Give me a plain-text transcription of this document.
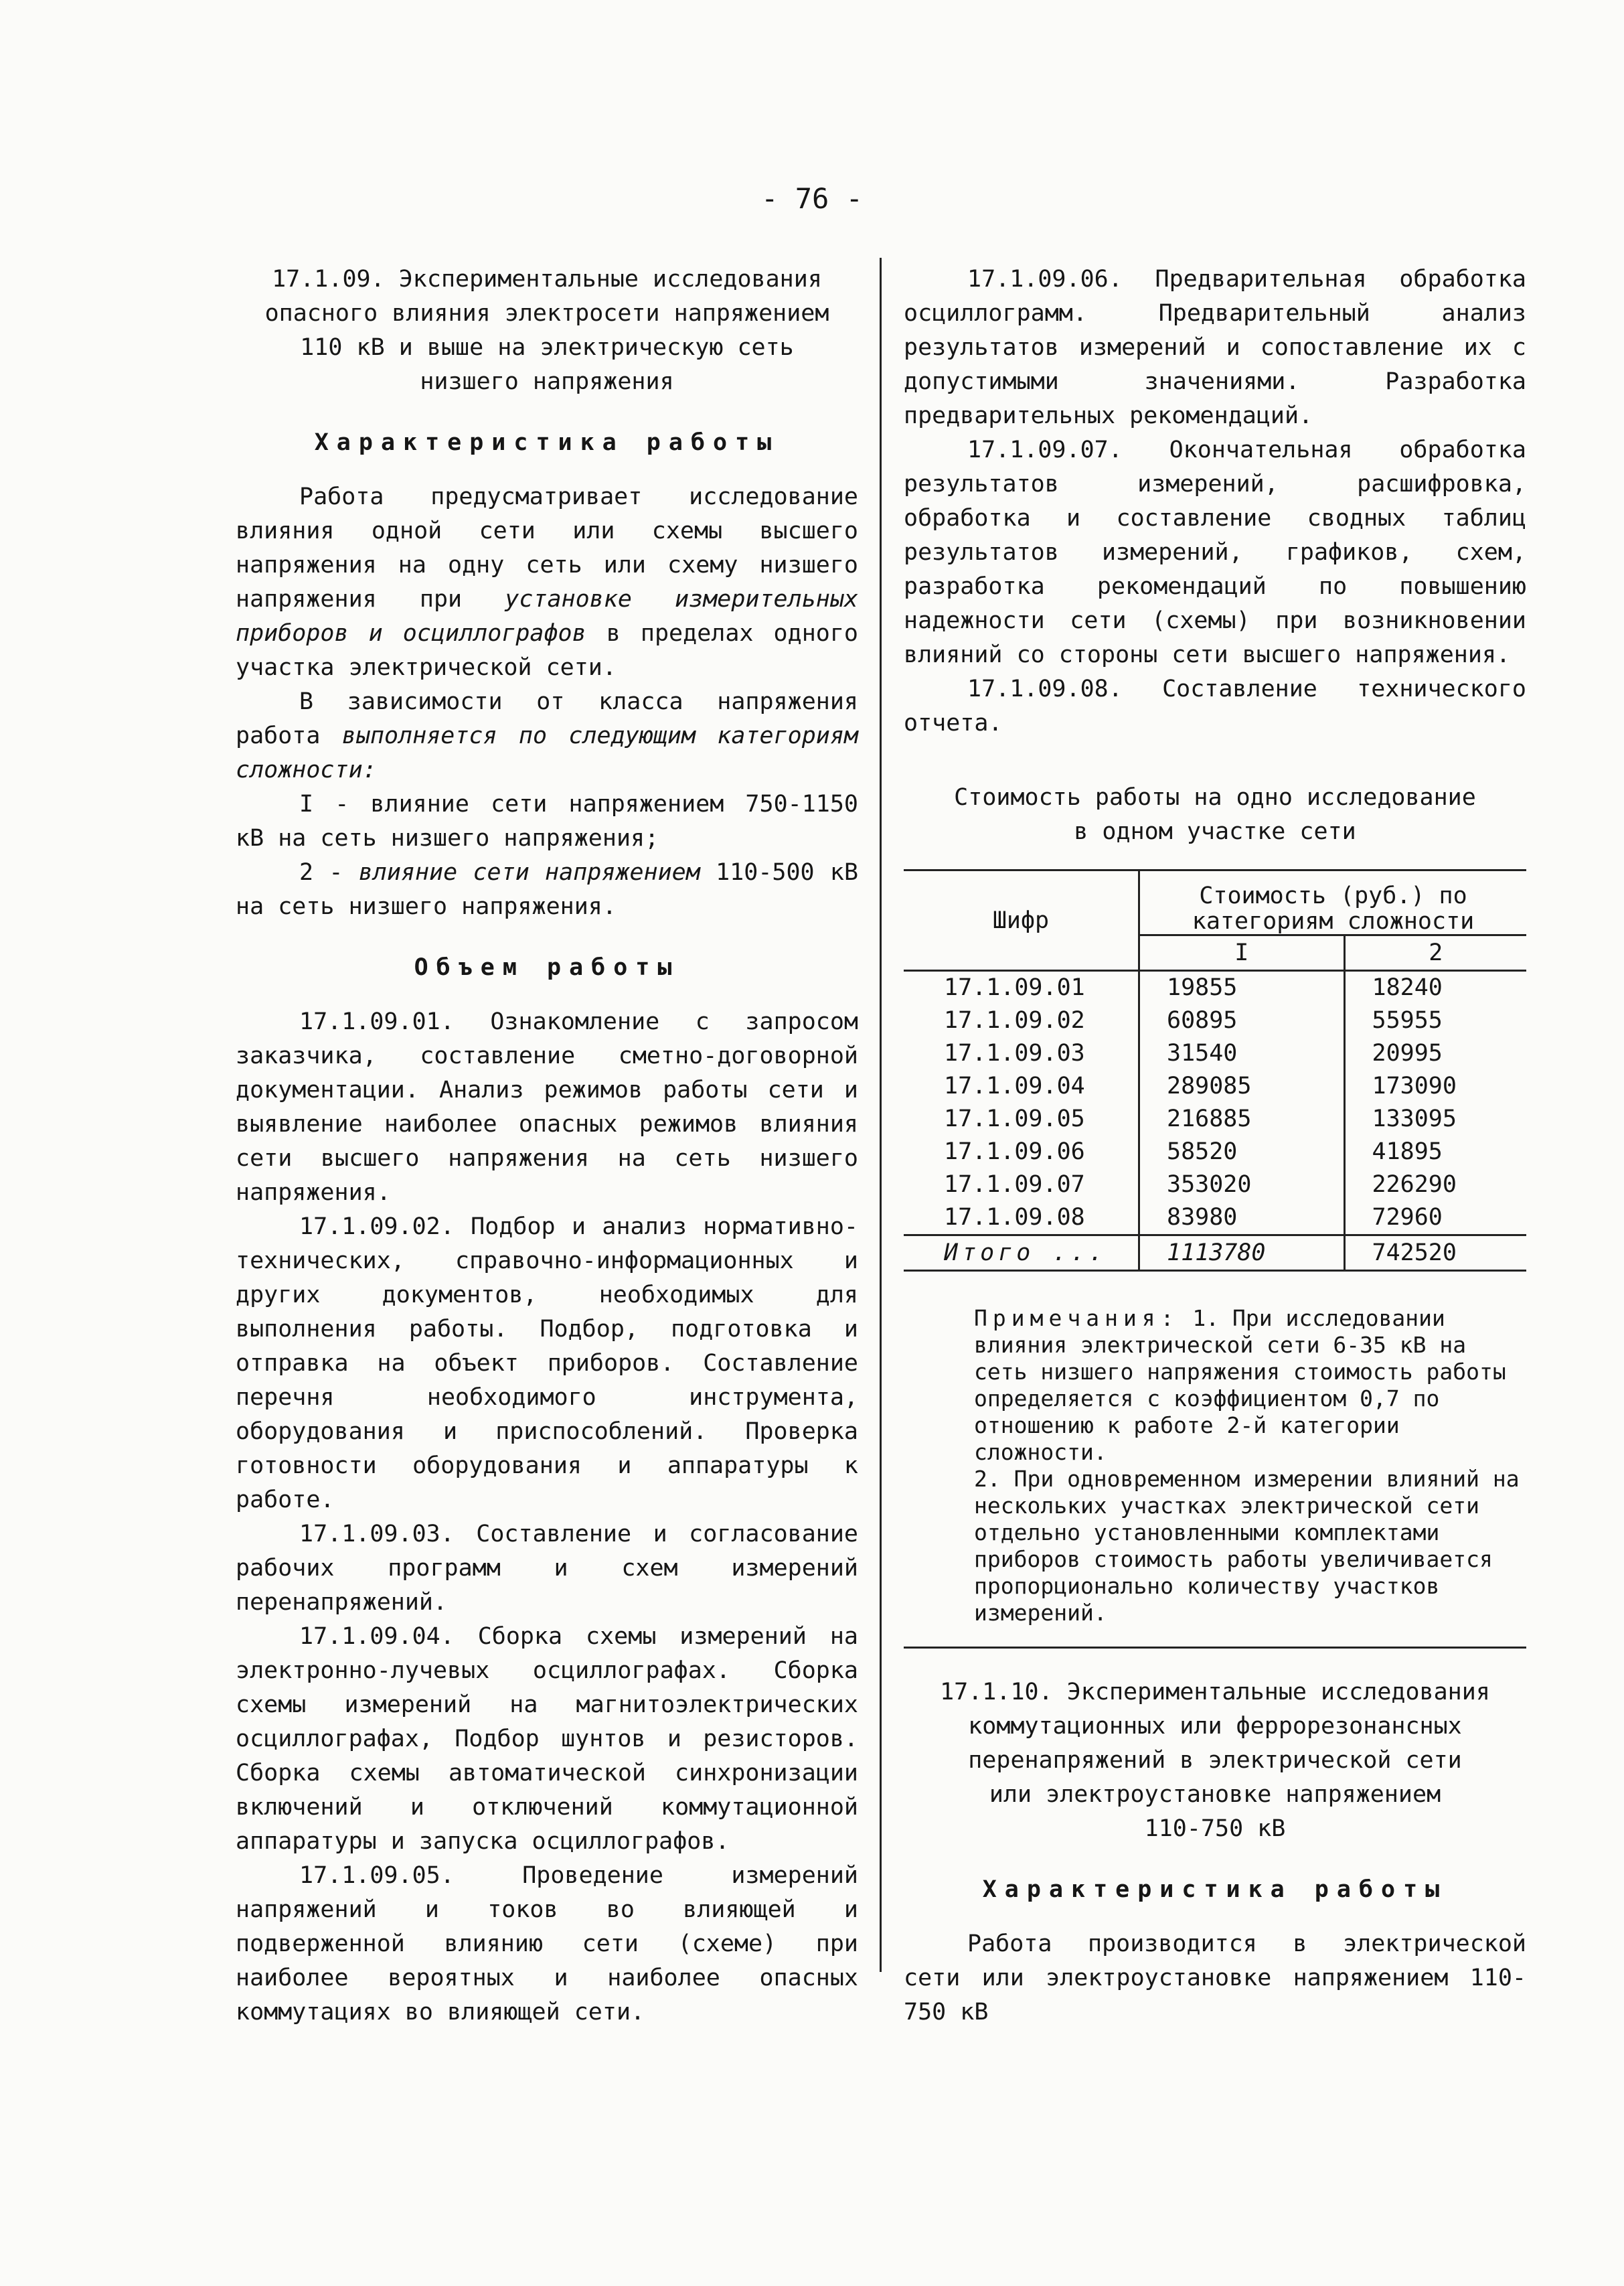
- 76 -
17.1.09. Экспериментальные исследования
опасного влияния электросети напряжением
110 кВ и выше на электрическую сеть
низшего напряжения
Характеристика работы

Работа предусматривает исследование влияния одной сети или схемы высшего напряжения на одну сеть или схему низшего напряжения при установке измерительных приборов и осциллографов в пределах одного участка электрической сети.

В зависимости от класса напряжения работа выполняется по следующим категориям сложности:

I - влияние сети напряжением 750-1150 кВ на сеть низшего напряжения;

2 - влияние сети напряжением 110-500 кВ на сеть низшего напряжения.

Объем работы

17.1.09.01. Ознакомление с запросом заказчика, составление сметно-договорной документации. Анализ режимов работы сети и выявление наиболее опасных режимов влияния сети высшего напряжения на сеть низшего напряжения.

17.1.09.02. Подбор и анализ нормативно-технических, справочно-информационных и других документов, необходимых для выполнения работы. Подбор, подготовка и отправка на объект приборов. Составление перечня необходимого инструмента, оборудования и приспособлений. Проверка готовности оборудования и аппаратуры к работе.

17.1.09.03. Составление и согласование рабочих программ и схем измерений перенапряжений.

17.1.09.04. Сборка схемы измерений на электронно-лучевых осциллографах. Сборка схемы измерений на магнитоэлектрических осциллографах, Подбор шунтов и резисторов. Сборка схемы автоматической синхронизации включений и отключений коммутационной аппаратуры и запуска осциллографов.

17.1.09.05. Проведение измерений напряжений и токов во влияющей и подверженной влиянию сети (схеме) при наиболее вероятных и наиболее опасных коммутациях во влияющей сети.

17.1.09.06. Предварительная обработка осциллограмм. Предварительный анализ результатов измерений и сопоставление их с допустимыми значениями. Разработка предварительных рекомендаций.

17.1.09.07. Окончательная обработка результатов измерений, расшифровка, обработка и составление сводных таблиц результатов измерений, графиков, схем, разработка рекомендаций по повышению надежности сети (схемы) при возникновении влияний со стороны сети высшего напряжения.

17.1.09.08. Составление технического отчета.

Стоимость работы на одно исследование
в одном участке сети
Шифр	Стоимость (руб.) по категориям сложности	
	I	2
17.1.09.01	19855	18240
17.1.09.02	60895	55955
17.1.09.03	31540	20995
17.1.09.04	289085	173090
17.1.09.05	216885	133095
17.1.09.06	58520	41895
17.1.09.07	353020	226290
17.1.09.08	83980	72960
Итого ...	1113780	742520
Примечания: 1. При исследовании влияния электрической сети 6-35 кВ на сеть низшего напряжения стоимость работы определяется с коэффициентом 0,7 по отношению к работе 2-й категории сложности.
2. При одновременном измерении влияний на нескольких участках электрической сети отдельно установленными комплектами приборов стоимость работы увеличивается пропорционально количеству участков измерений.
17.1.10. Экспериментальные исследования
коммутационных или феррорезонансных
перенапряжений в электрической сети
или электроустановке напряжением
110-750 кВ
Характеристика работы

Работа производится в электрической сети или электроустановке напряжением 110-750 кВ
